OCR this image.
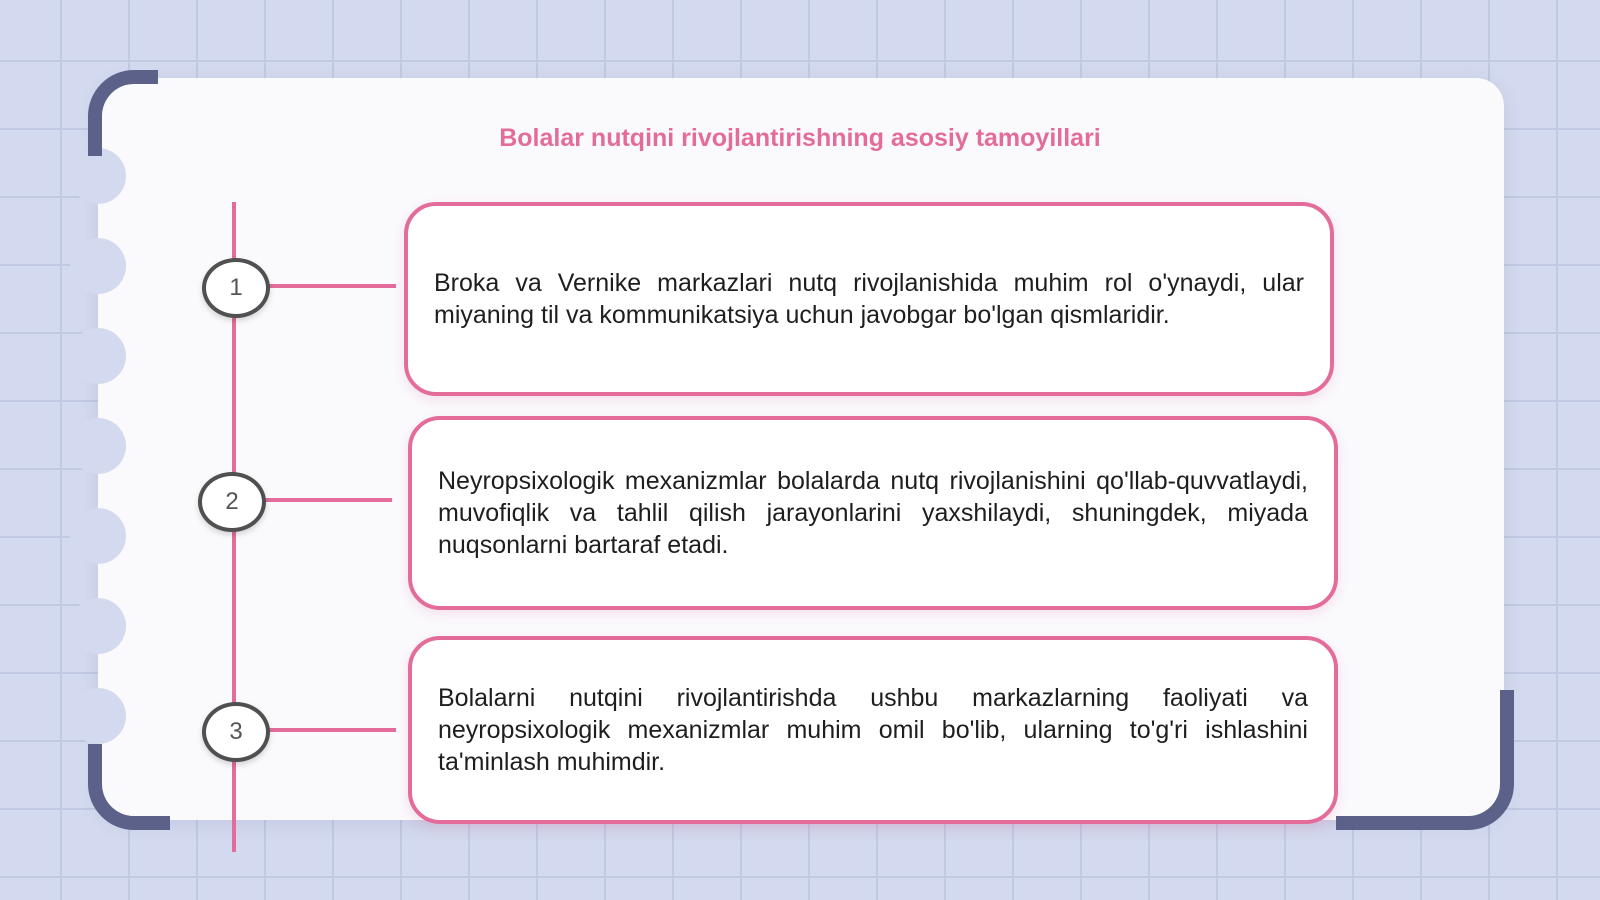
Bolalar nutqini rivojlantirishning asosiy tamoyillari
1
2
3

Broka va Vernike markazlari nutq rivojlanishida muhim rol o'ynaydi, ular miyaning til va kommunikatsiya uchun javobgar bo'lgan qismlaridir.

Neyropsixologik mexanizmlar bolalarda nutq rivojlanishini qo'llab-quvvatlaydi, muvofiqlik va tahlil qilish jarayonlarini yaxshilaydi, shuningdek, miyada nuqsonlarni bartaraf etadi.

Bolalarni nutqini rivojlantirishda ushbu markazlarning faoliyati va neyropsixologik mexanizmlar muhim omil bo'lib, ularning to'g'ri ishlashini ta'minlash muhimdir.
